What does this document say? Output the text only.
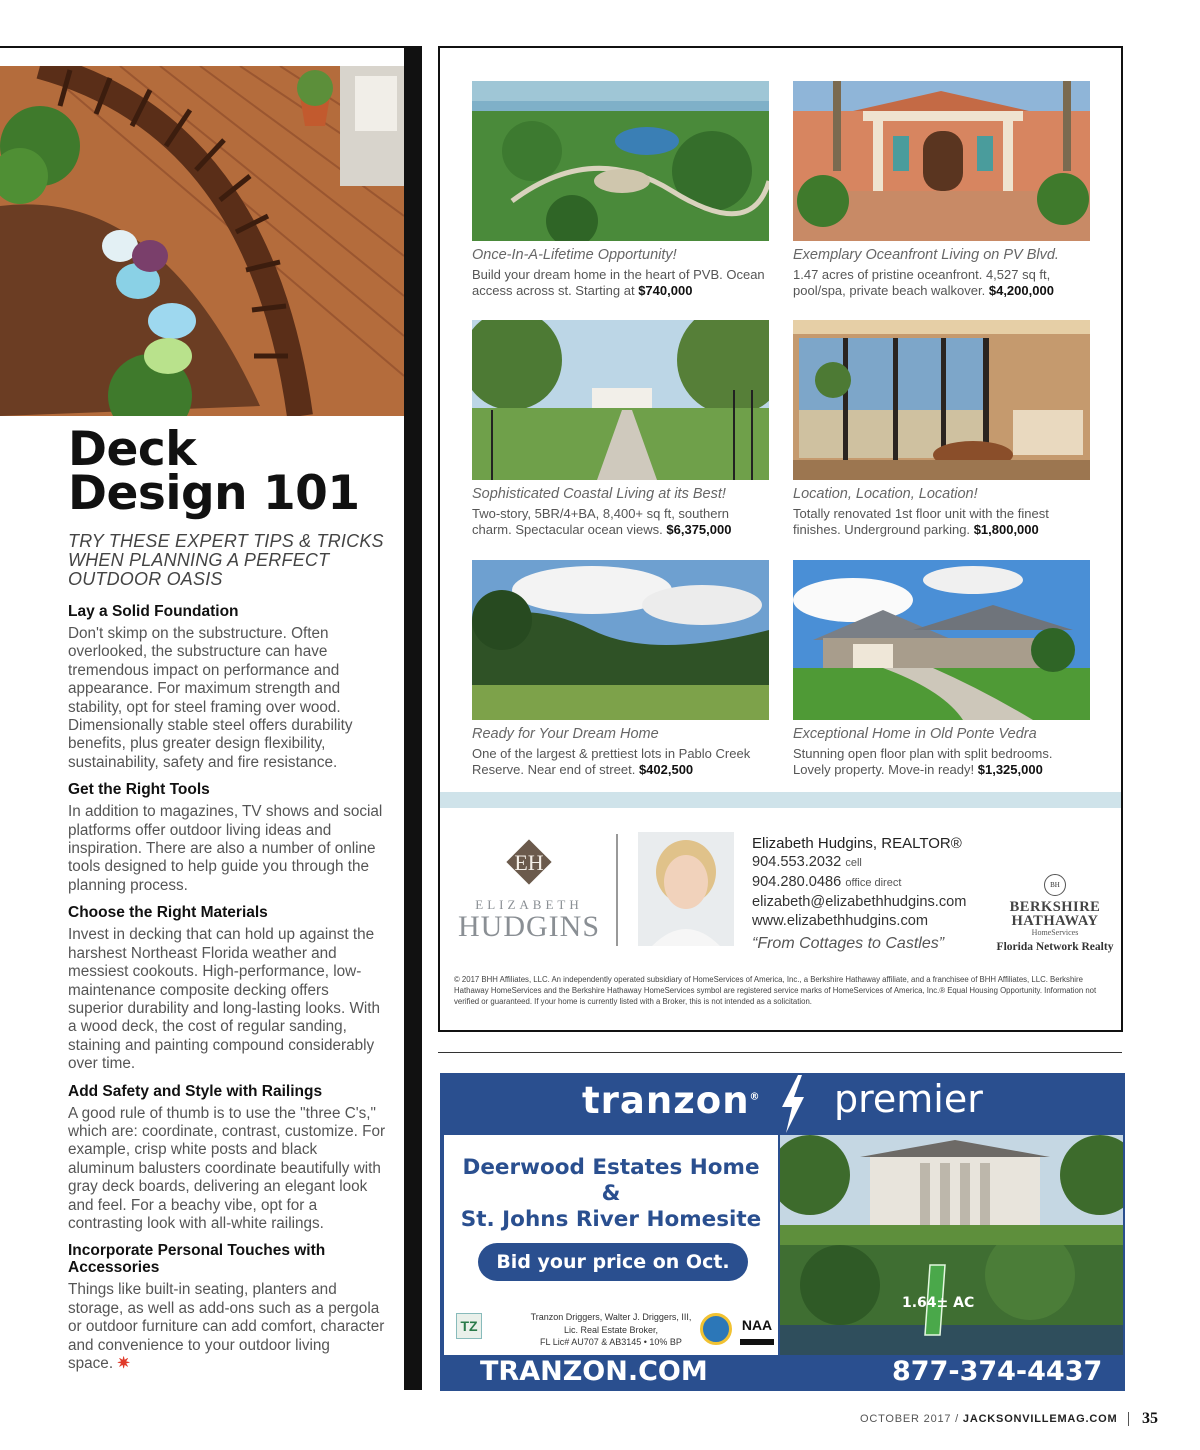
Deck Design 101
TRY THESE EXPERT TIPS & TRICKS WHEN PLANNING A PERFECT OUTDOOR OASIS
Lay a Solid Foundation
Don't skimp on the substructure. Often overlooked, the substructure can have tremendous impact on performance and appearance. For maximum strength and stability, opt for steel framing over wood. Dimensionally stable steel offers durability benefits, plus greater design flexibility, sustainability, safety and fire resistance.
Get the Right Tools
In addition to magazines, TV shows and social platforms offer outdoor living ideas and inspiration. There are also a number of online tools designed to help guide you through the planning process.
Choose the Right Materials
Invest in decking that can hold up against the harshest Northeast Florida weather and messiest cookouts. High-performance, low-maintenance composite decking offers superior durability and long-lasting looks. With a wood deck, the cost of regular sanding, staining and painting compound considerably over time.
Add Safety and Style with Railings
A good rule of thumb is to use the "three C's," which are: coordinate, contrast, customize. For example, crisp white posts and black aluminum balusters coordinate beautifully with gray deck boards, delivering an elegant look and feel. For a beachy vibe, opt for a contrasting look with all-white railings.
Incorporate Personal Touches with Accessories
Things like built-in seating, planters and storage, as well as add-ons such as a pergola or outdoor furniture can add comfort, character and convenience to your outdoor living space. ✷
Once-In-A-Lifetime Opportunity!
Build your dream home in the heart of PVB. Ocean access across st. Starting at $740,000
Exemplary Oceanfront Living on PV Blvd.
1.47 acres of pristine oceanfront. 4,527 sq ft, pool/spa, private beach walkover. $4,200,000
Sophisticated Coastal Living at its Best!
Two-story, 5BR/4+BA, 8,400+ sq ft, southern charm. Spectacular ocean views. $6,375,000
Location, Location, Location!
Totally renovated 1st floor unit with the finest finishes. Underground parking. $1,800,000
Ready for Your Dream Home
One of the largest & prettiest lots in Pablo Creek Reserve. Near end of street. $402,500
Exceptional Home in Old Ponte Vedra
Stunning open floor plan with split bedrooms. Lovely property. Move-in ready! $1,325,000
EH
ELIZABETH
HUDGINS
Elizabeth Hudgins, REALTOR®
904.553.2032 cell
904.280.0486 office direct
elizabeth@elizabethhudgins.com
www.elizabethhudgins.com
“From Cottages to Castles”
BH
BERKSHIRE
HATHAWAY
HomeServices
Florida Network Realty
© 2017 BHH Affiliates, LLC. An independently operated subsidiary of HomeServices of America, Inc., a Berkshire Hathaway affiliate, and a franchisee of BHH Affiliates, LLC. Berkshire Hathaway HomeServices and the Berkshire Hathaway HomeServices symbol are registered service marks of HomeServices of America, Inc.® Equal Housing Opportunity. Information not verified or guaranteed. If your home is currently listed with a Broker, this is not intended as a solicitation.
tranzon® premier
Deerwood Estates Home
&
St. Johns River Homesite
Bid your price on Oct. 26!
TZ
Tranzon Driggers, Walter J. Driggers, III,
Lic. Real Estate Broker,
FL Lic# AU707 & AB3145 • 10% BP
NAA
1.64± AC
TRANZON.COM	877-374-4437
OCTOBER 2017 / JACKSONVILLEMAG.COM 35
